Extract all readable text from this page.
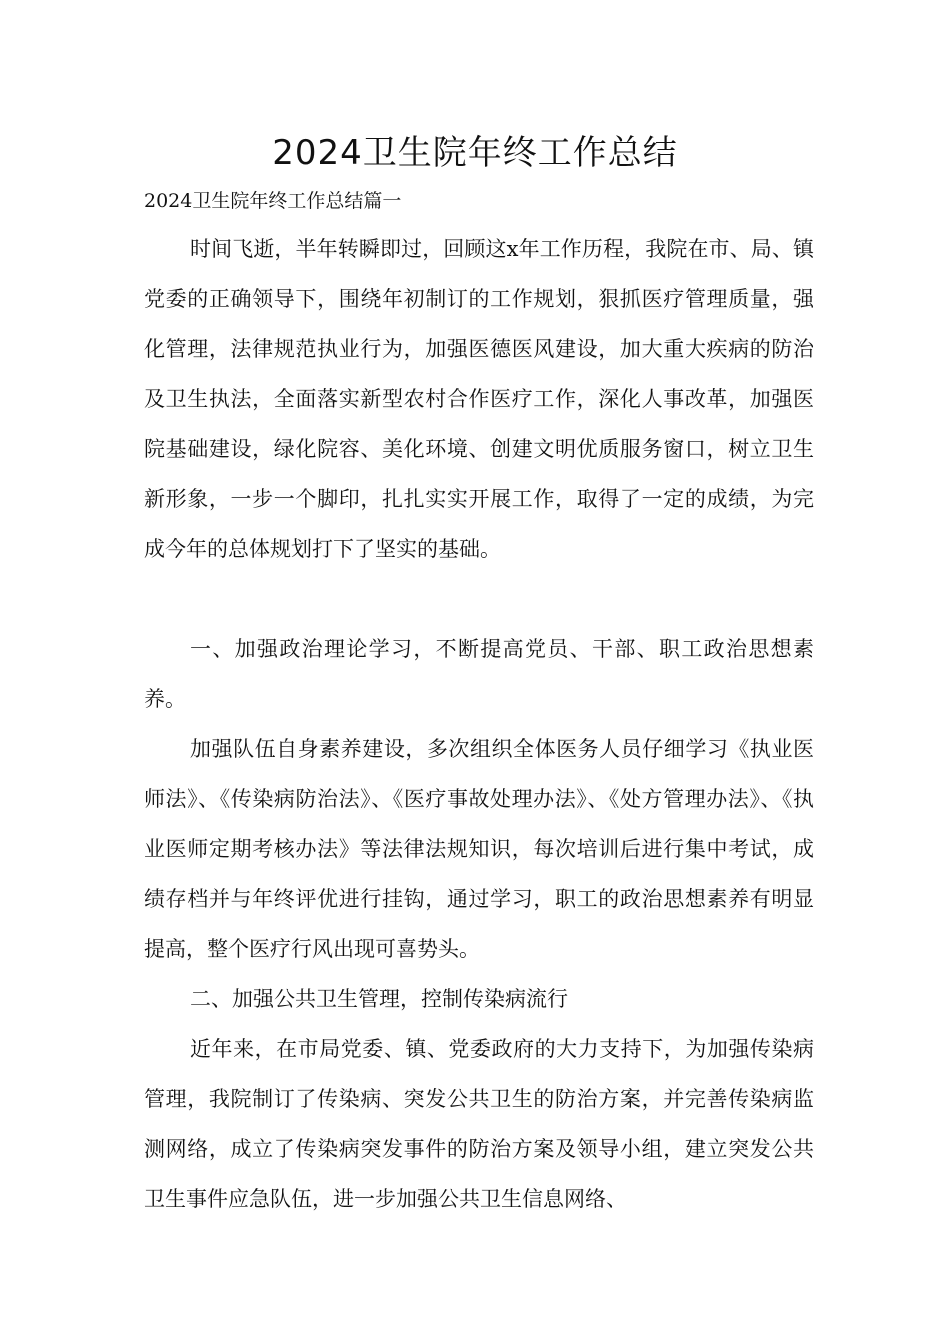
2024卫生院年终工作总结

2024卫生院年终工作总结篇一

时间飞逝，半年转瞬即过，回顾这x年工作历程，我院在市、局、镇党委的正确领导下，围绕年初制订的工作规划，狠抓医疗管理质量，强化管理，法律规范执业行为，加强医德医风建设，加大重大疾病的防治及卫生执法，全面落实新型农村合作医疗工作，深化人事改革，加强医院基础建设，绿化院容、美化环境、创建文明优质服务窗口，树立卫生新形象，一步一个脚印，扎扎实实开展工作，取得了一定的成绩，为完成今年的总体规划打下了坚实的基础。

一、加强政治理论学习，不断提高党员、干部、职工政治思想素养。

加强队伍自身素养建设，多次组织全体医务人员仔细学习《执业医师法》、《传染病防治法》、《医疗事故处理办法》、《处方管理办法》、《执业医师定期考核办法》等法律法规知识，每次培训后进行集中考试，成绩存档并与年终评优进行挂钩，通过学习，职工的政治思想素养有明显提高，整个医疗行风出现可喜势头。

二、加强公共卫生管理，控制传染病流行

近年来，在市局党委、镇、党委政府的大力支持下，为加强传染病管理，我院制订了传染病、突发公共卫生的防治方案，并完善传染病监测网络，成立了传染病突发事件的防治方案及领导小组，建立突发公共卫生事件应急队伍，进一步加强公共卫生信息网络、
